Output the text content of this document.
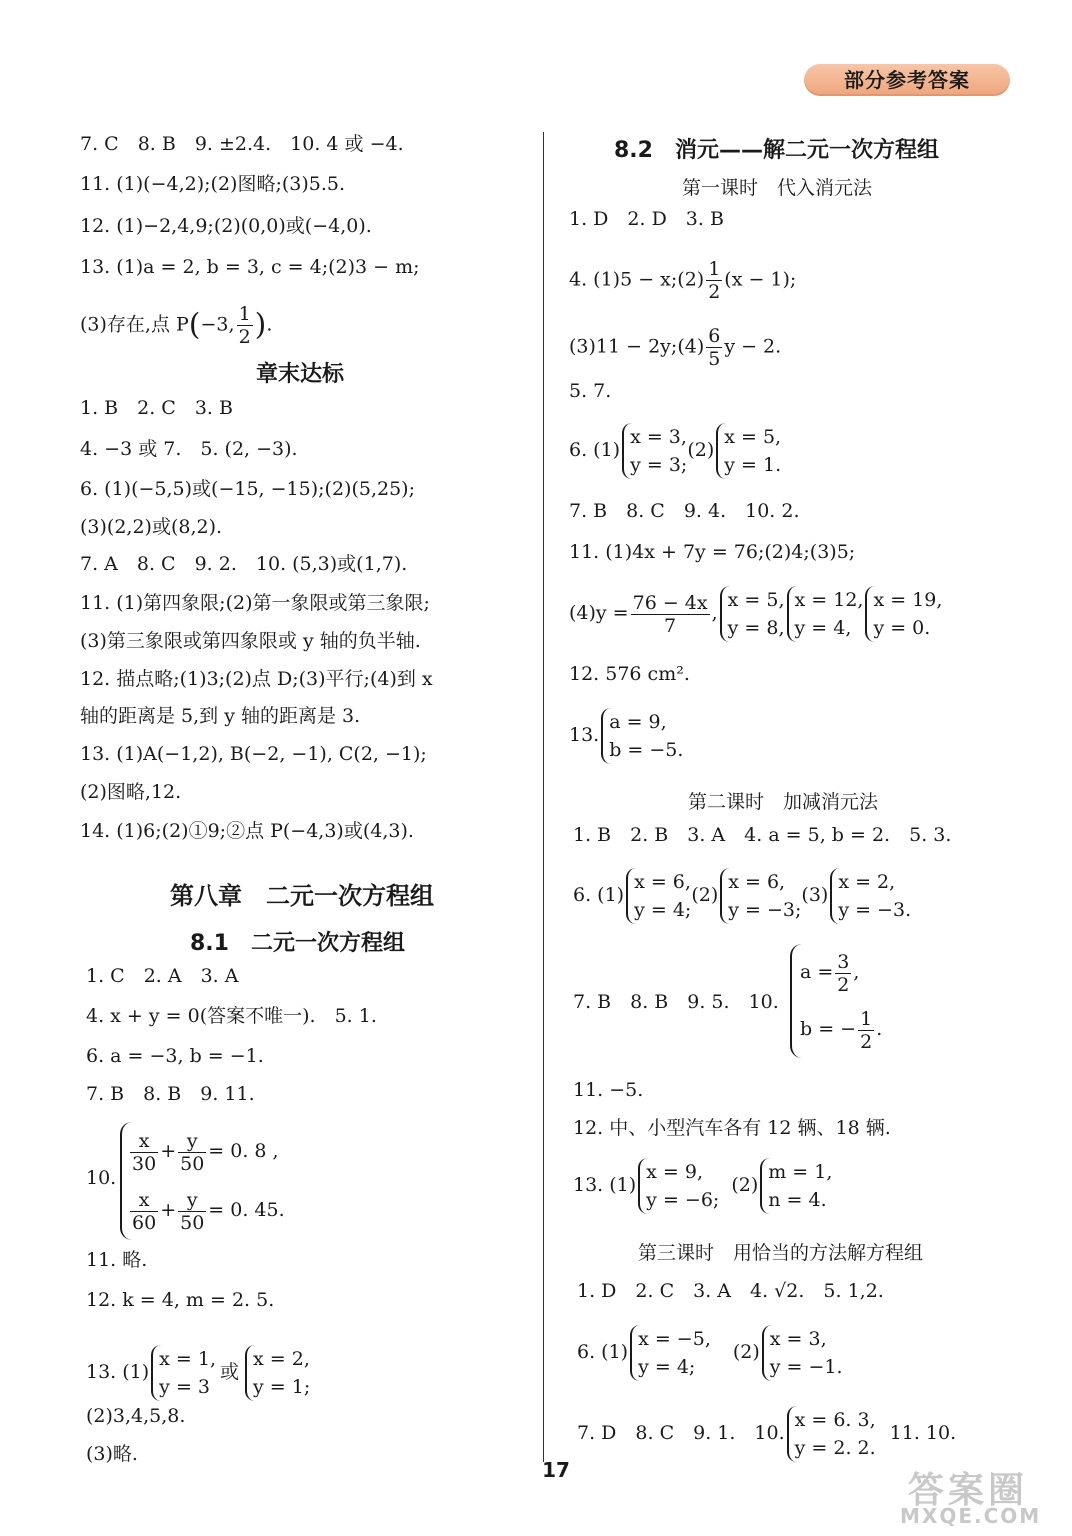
部分参考答案
7. C　8. B　9. ±2.4.　10. 4 或 −4.
11. (1)(−4,2);(2)图略;(3)5.5.
12. (1)−2,4,9;(2)(0,0)或(−4,0).
13. (1)a = 2, b = 3, c = 4;(2)3 − m;
(3)存在,点 P(−3, $\frac{1}{2}$ ).
章末达标
1. B　2. C　3. B
4. −3 或 7.　5. (2, −3).
6. (1)(−5,5)或(−15, −15);(2)(5,25);
(3)(2,2)或(8,2).
7. A　8. C　9. 2.　10. (5,3)或(1,7).
11. (1)第四象限;(2)第一象限或第三象限;
(3)第三象限或第四象限或 y 轴的负半轴.
12. 描点略;(1)3;(2)点 D;(3)平行;(4)到 x
轴的距离是 5,到 y 轴的距离是 3.
13. (1)A(−1,2), B(−2, −1), C(2, −1);
(2)图略,12.
14. (1)6;(2)①9;②点 P(−4,3)或(4,3).
第八章　二元一次方程组
8.1　二元一次方程组
1. C　2. A　3. A
4. x + y = 0(答案不唯一).　5. 1.
6. a = −3, b = −1.
7. B　8. B　9. 11.
10.
$\frac{x}{30} + \frac{y}{50} = 0$. 8 ,
$\frac{x}{60} + \frac{y}{50} = 0$. 45.
11. 略.
12. k = 4, m = 2. 5.
13. (1)
x = 1,
y = 3
或
x = 2,
y = 1;
(2)3,4,5,8.
(3)略.
8.2　消元——解二元一次方程组
第一课时　代入消元法
1. D　2. D　3. B
4. (1)5 − x;(2) $\frac{1}{2} (x - 1)$;
(3)11 − 2y;(4) $\frac{6}{5}$ y − 2.
5. 7.
6. (1)
x = 3,
y = 3;
(2)
x = 5,
y = 1.
7. B　8. C　9. 4.　10. 2.
11. (1)4x + 7y = 76;(2)4;(3)5;
$(4)y = \frac{76 - 4x}{7}$ ,
x = 5,
y = 8,
x = 12,
y = 4,
x = 19,
y = 0.
12. 576 cm².
13.
a = 9,
b = −5.
第二课时　加减消元法
1. B　2. B　3. A　4. a = 5, b = 2.　5. 3.
6. (1)
x = 6,
y = 4;
(2)
x = 6,
y = −3;
(3)
x = 2,
y = −3.
7. B　8. B　9. 5.　10.
$a = \frac{3}{2}$ ,
b = − $\frac{1}{2}$ .
11. −5.
12. 中、小型汽车各有 12 辆、18 辆.
13. (1)
x = 9,
y = −6;
(2)
m = 1,
n = 4.
第三课时　用恰当的方法解方程组
1. D　2. C　3. A　4. √2.　5. 1,2.
6. (1)
x = −5,
y = 4;
(2)
x = 3,
y = −1.
7. D　8. C　9. 1.　10.
x = 6. 3,
y = 2. 2.
11. 10.
17	答案圈
MXQE.COM
